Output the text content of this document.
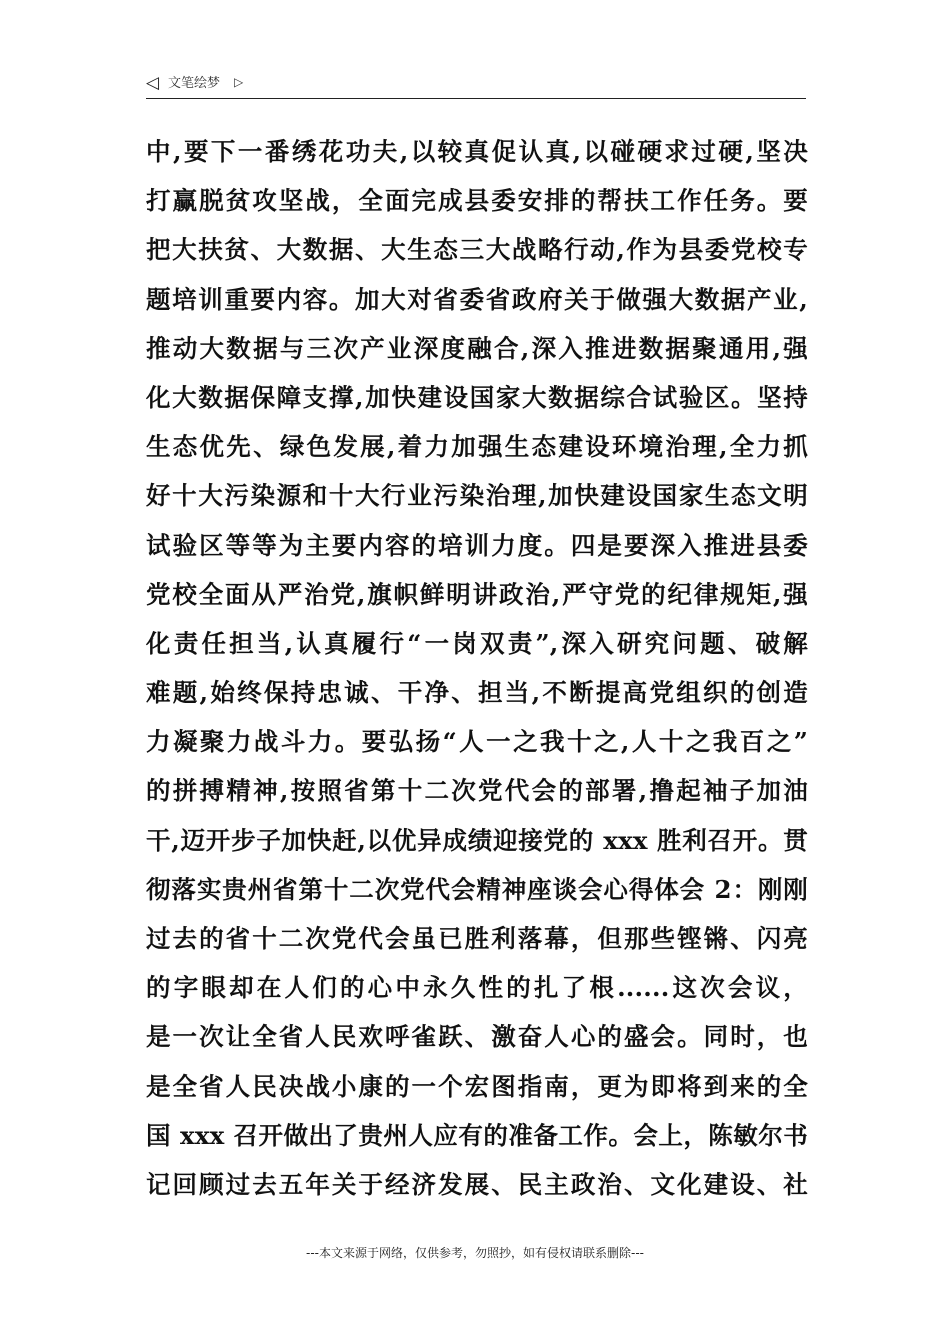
◁ 文笔绘梦 ▷
中,要下一番绣花功夫,以较真促认真,以碰硬求过硬,坚决
打赢脱贫攻坚战，全面完成县委安排的帮扶工作任务。要
把大扶贫、大数据、大生态三大战略行动,作为县委党校专
题培训重要内容。加大对省委省政府关于做强大数据产业,
推动大数据与三次产业深度融合,深入推进数据聚通用,强
化大数据保障支撑,加快建设国家大数据综合试验区。坚持
生态优先、绿色发展,着力加强生态建设环境治理,全力抓
好十大污染源和十大行业污染治理,加快建设国家生态文明
试验区等等为主要内容的培训力度。四是要深入推进县委
党校全面从严治党,旗帜鲜明讲政治,严守党的纪律规矩,强
化责任担当,认真履行“一岗双责”,深入研究问题、破解
难题,始终保持忠诚、干净、担当,不断提高党组织的创造
力凝聚力战斗力。要弘扬“人一之我十之,人十之我百之”
的拼搏精神,按照省第十二次党代会的部署,撸起袖子加油
干,迈开步子加快赶,以优异成绩迎接党的 xxx 胜利召开。贯
彻落实贵州省第十二次党代会精神座谈会心得体会 2：刚刚
过去的省十二次党代会虽已胜利落幕，但那些铿锵、闪亮
的字眼却在人们的心中永久性的扎了根......这次会议，
是一次让全省人民欢呼雀跃、激奋人心的盛会。同时，也
是全省人民决战小康的一个宏图指南，更为即将到来的全
国 xxx 召开做出了贵州人应有的准备工作。会上，陈敏尔书
记回顾过去五年关于经济发展、民主政治、文化建设、社
---本文来源于网络，仅供参考，勿照抄，如有侵权请联系删除---
